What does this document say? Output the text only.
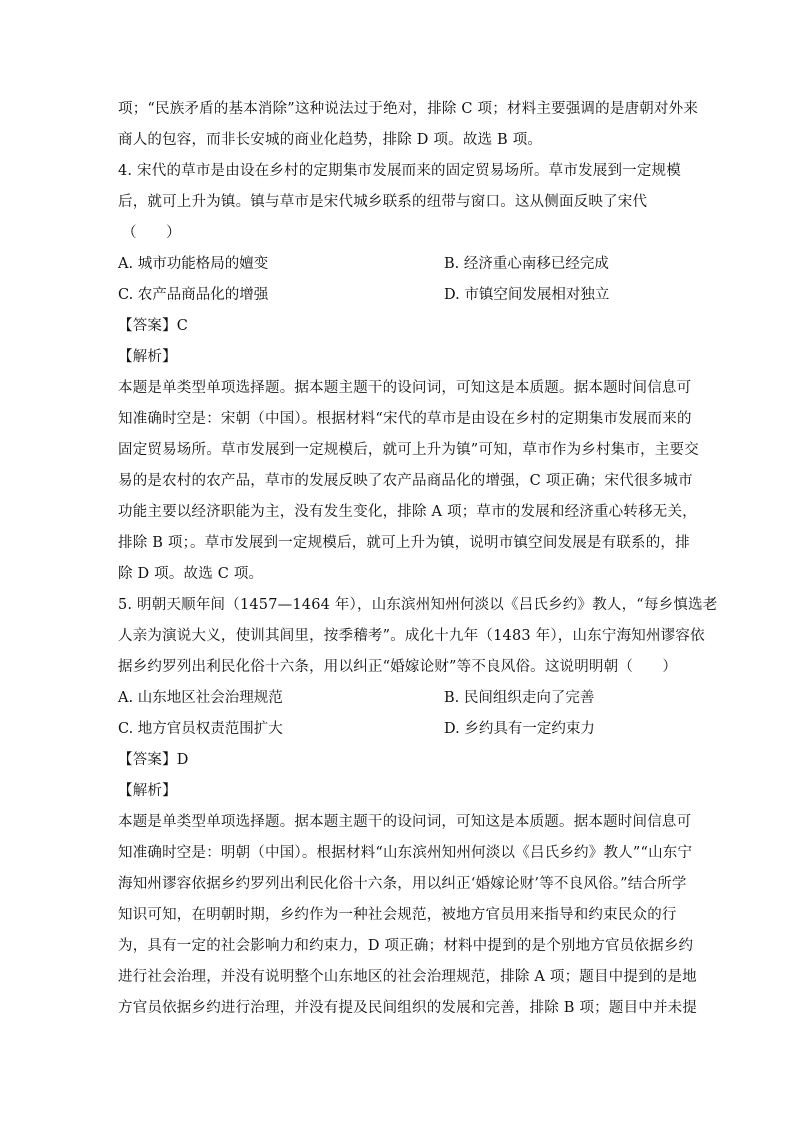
项；“民族矛盾的基本消除”这种说法过于绝对，排除 C 项；材料主要强调的是唐朝对外来
商人的包容，而非长安城的商业化趋势，排除 D 项。故选 B 项。
4. 宋代的草市是由设在乡村的定期集市发展而来的固定贸易场所。草市发展到一定规模
后，就可上升为镇。镇与草市是宋代城乡联系的纽带与窗口。这从侧面反映了宋代
（　　）
A. 城市功能格局的嬗变	B. 经济重心南移已经完成
C. 农产品商品化的增强	D. 市镇空间发展相对独立
【答案】C
【解析】
本题是单类型单项选择题。据本题主题干的设问词，可知这是本质题。据本题时间信息可
知准确时空是：宋朝（中国）。根据材料“宋代的草市是由设在乡村的定期集市发展而来的
固定贸易场所。草市发展到一定规模后，就可上升为镇”可知，草市作为乡村集市，主要交
易的是农村的农产品，草市的发展反映了农产品商品化的增强，C 项正确；宋代很多城市
功能主要以经济职能为主，没有发生变化，排除 A 项；草市的发展和经济重心转移无关，
排除 B 项；。草市发展到一定规模后，就可上升为镇，说明市镇空间发展是有联系的，排
除 D 项。故选 C 项。
5. 明朝天顺年间（1457—1464 年），山东滨州知州何淡以《吕氏乡约》教人，“每乡慎选老
人亲为演说大义，使训其闾里，按季稽考”。成化十九年（1483 年），山东宁海知州谬容依
据乡约罗列出利民化俗十六条，用以纠正“婚嫁论财”等不良风俗。这说明明朝（　　）
A. 山东地区社会治理规范	B. 民间组织走向了完善
C. 地方官员权责范围扩大	D. 乡约具有一定约束力
【答案】D
【解析】
本题是单类型单项选择题。据本题主题干的设问词，可知这是本质题。据本题时间信息可
知准确时空是：明朝（中国）。根据材料“山东滨州知州何淡以《吕氏乡约》教人”“山东宁
海知州谬容依据乡约罗列出利民化俗十六条，用以纠正‘婚嫁论财’等不良风俗。”结合所学
知识可知，在明朝时期，乡约作为一种社会规范，被地方官员用来指导和约束民众的行
为，具有一定的社会影响力和约束力，D 项正确；材料中提到的是个别地方官员依据乡约
进行社会治理，并没有说明整个山东地区的社会治理规范，排除 A 项；题目中提到的是地
方官员依据乡约进行治理，并没有提及民间组织的发展和完善，排除 B 项；题目中并未提
